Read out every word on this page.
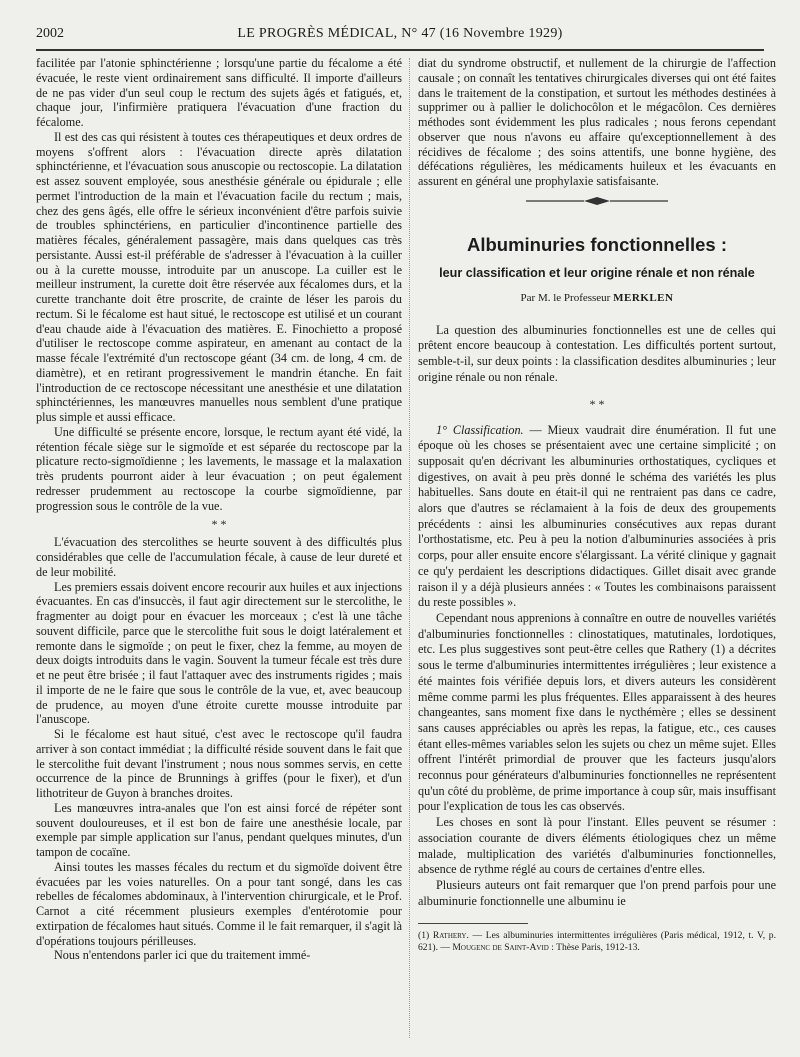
2002	LE PROGRÈS MÉDICAL, N° 47 (16 Novembre 1929)

facilitée par l'atonie sphinctérienne ; lorsqu'une partie du fécalome a été évacuée, le reste vient ordinairement sans difficulté. Il importe d'ailleurs de ne pas vider d'un seul coup le rectum des sujets âgés et fatigués, et, chaque jour, l'infirmière pratiquera l'évacuation d'une fraction du fécalome.

Il est des cas qui résistent à toutes ces thérapeutiques et deux ordres de moyens s'offrent alors : l'évacuation directe après dilatation sphinctérienne, et l'évacuation sous anuscopie ou rectoscopie. La dilatation est assez souvent employée, sous anesthésie générale ou épidurale ; elle permet l'introduction de la main et l'évacuation facile du rectum ; mais, chez des gens âgés, elle offre le sérieux inconvénient d'être parfois suivie de troubles sphinctériens, en particulier d'incontinence partielle des matières fécales, généralement passagère, mais dans quelques cas très persistante. Aussi est-il préférable de s'adresser à l'évacuation à la cuiller ou à la curette mousse, introduite par un anuscope. La cuiller est le meilleur instrument, la curette doit être réservée aux fécalomes durs, et la curette tranchante doit être proscrite, de crainte de léser les parois du rectum. Si le fécalome est haut situé, le rectoscope est utilisé et un courant d'eau chaude aide à l'évacuation des matières. E. Finochietto a proposé d'utiliser le rectoscope comme aspirateur, en amenant au contact de la masse fécale l'extrémité d'un rectoscope géant (34 cm. de long, 4 cm. de diamètre), et en retirant progressivement le mandrin étanche. En fait l'introduction de ce rectoscope nécessitant une anesthésie et une dilatation sphinctériennes, les manœuvres manuelles nous semblent d'une pratique plus simple et aussi efficace.

Une difficulté se présente encore, lorsque, le rectum ayant été vidé, la rétention fécale siège sur le sigmoïde et est séparée du rectoscope par la plicature recto-sigmoïdienne ; les lavements, le massage et la malaxation très prudents pourront aider à leur évacuation ; on peut également redresser prudemment au rectoscope la courbe sigmoïdienne, par progression sous le contrôle de la vue.

* *

L'évacuation des stercolithes se heurte souvent à des difficultés plus considérables que celle de l'accumulation fécale, à cause de leur dureté et de leur mobilité.

Les premiers essais doivent encore recourir aux huiles et aux injections évacuantes. En cas d'insuccès, il faut agir directement sur le stercolithe, le fragmenter au doigt pour en évacuer les morceaux ; c'est là une tâche souvent difficile, parce que le stercolithe fuit sous le doigt latéralement et remonte dans le sigmoïde ; on peut le fixer, chez la femme, au moyen de deux doigts introduits dans le vagin. Souvent la tumeur fécale est très dure et ne peut être brisée ; il faut l'attaquer avec des instruments rigides ; mais il importe de ne le faire que sous le contrôle de la vue, et, avec beaucoup de prudence, au moyen d'une étroite curette mousse introduite par l'anuscope.

Si le fécalome est haut situé, c'est avec le rectoscope qu'il faudra arriver à son contact immédiat ; la difficulté réside souvent dans le fait que le stercolithe fuit devant l'instrument ; nous nous sommes servis, en cette occurrence de la pince de Brunnings à griffes (pour le fixer), et d'un lithotriteur de Guyon à branches droites.

Les manœuvres intra-anales que l'on est ainsi forcé de répéter sont souvent douloureuses, et il est bon de faire une anesthésie locale, par exemple par simple application sur l'anus, pendant quelques minutes, d'un tampon de cocaïne.

Ainsi toutes les masses fécales du rectum et du sigmoïde doivent être évacuées par les voies naturelles. On a pour tant songé, dans les cas rebelles de fécalomes abdominaux, à l'intervention chirurgicale, et le Prof. Carnot a cité récemment plusieurs exemples d'entérotomie pour extirpation de fécalomes haut situés. Comme il le fait remarquer, il s'agit là d'opérations toujours périlleuses.

Nous n'entendons parler ici que du traitement immé-

diat du syndrome obstructif, et nullement de la chirurgie de l'affection causale ; on connaît les tentatives chirurgicales diverses qui ont été faites dans le traitement de la constipation, et surtout les méthodes destinées à supprimer ou à pallier le dolichocôlon et le mégacôlon. Ces dernières méthodes sont évidemment les plus radicales ; nous ferons cependant observer que nous n'avons eu affaire qu'exceptionnellement à des récidives de fécalome ; des soins attentifs, une bonne hygiène, des défécations régulières, les médicaments huileux et les évacuants en assurent en général une prophylaxie satisfaisante.

Albuminuries fonctionnelles :
leur classification et leur origine rénale et non rénale
Par M. le Professeur MERKLEN

La question des albuminuries fonctionnelles est une de celles qui prêtent encore beaucoup à contestation. Les difficultés portent surtout, semble-t-il, sur deux points : la classification desdites albuminuries ; leur origine rénale ou non rénale.

* *

1° Classification. — Mieux vaudrait dire énumération. Il fut une époque où les choses se présentaient avec une certaine simplicité ; on supposait qu'en décrivant les albuminuries orthostatiques, cycliques et digestives, on avait à peu près donné le schéma des variétés les plus habituelles. Sans doute en était-il qui ne rentraient pas dans ce cadre, alors que d'autres se réclamaient à la fois de deux des groupements précédents : ainsi les albuminuries consécutives aux repas durant l'orthostatisme, etc. Peu à peu la notion d'albuminuries associées à pris corps, pour aller ensuite encore s'élargissant. La vérité clinique y gagnait ce qu'y perdaient les descriptions didactiques. Gillet disait avec grande raison il y a déjà plusieurs années : « Toutes les combinaisons paraissent du reste possibles ».

Cependant nous apprenions à connaître en outre de nouvelles variétés d'albuminuries fonctionnelles : clinostatiques, matutinales, lordotiques, etc. Les plus suggestives sont peut-être celles que Rathery (1) a décrites sous le terme d'albuminuries intermittentes irrégulières ; leur existence a été maintes fois vérifiée depuis lors, et divers auteurs les considèrent même comme parmi les plus fréquentes. Elles apparaissent à des heures changeantes, sans moment fixe dans le nycthémère ; elles se dessinent sans causes appréciables ou après les repas, la fatigue, etc., ces causes étant elles-mêmes variables selon les sujets ou chez un même sujet. Elles offrent l'intérêt primordial de prouver que les facteurs jusqu'alors reconnus pour générateurs d'albuminuries fonctionnelles ne représentent qu'un côté du problème, de prime importance à coup sûr, mais insuffisant pour l'explication de tous les cas observés.

Les choses en sont là pour l'instant. Elles peuvent se résumer : association courante de divers éléments étiologiques chez un même malade, multiplication des variétés d'albuminuries fonctionnelles, absence de rythme réglé au cours de certaines d'entre elles.

Plusieurs auteurs ont fait remarquer que l'on prend parfois pour une albuminurie fonctionnelle une albuminu ie

(1) Rathery. — Les albuminuries intermittentes irrégulières (Paris médical, 1912, t. V, p. 621). — Mougenc de Saint-Avid : Thèse Paris, 1912-13.
